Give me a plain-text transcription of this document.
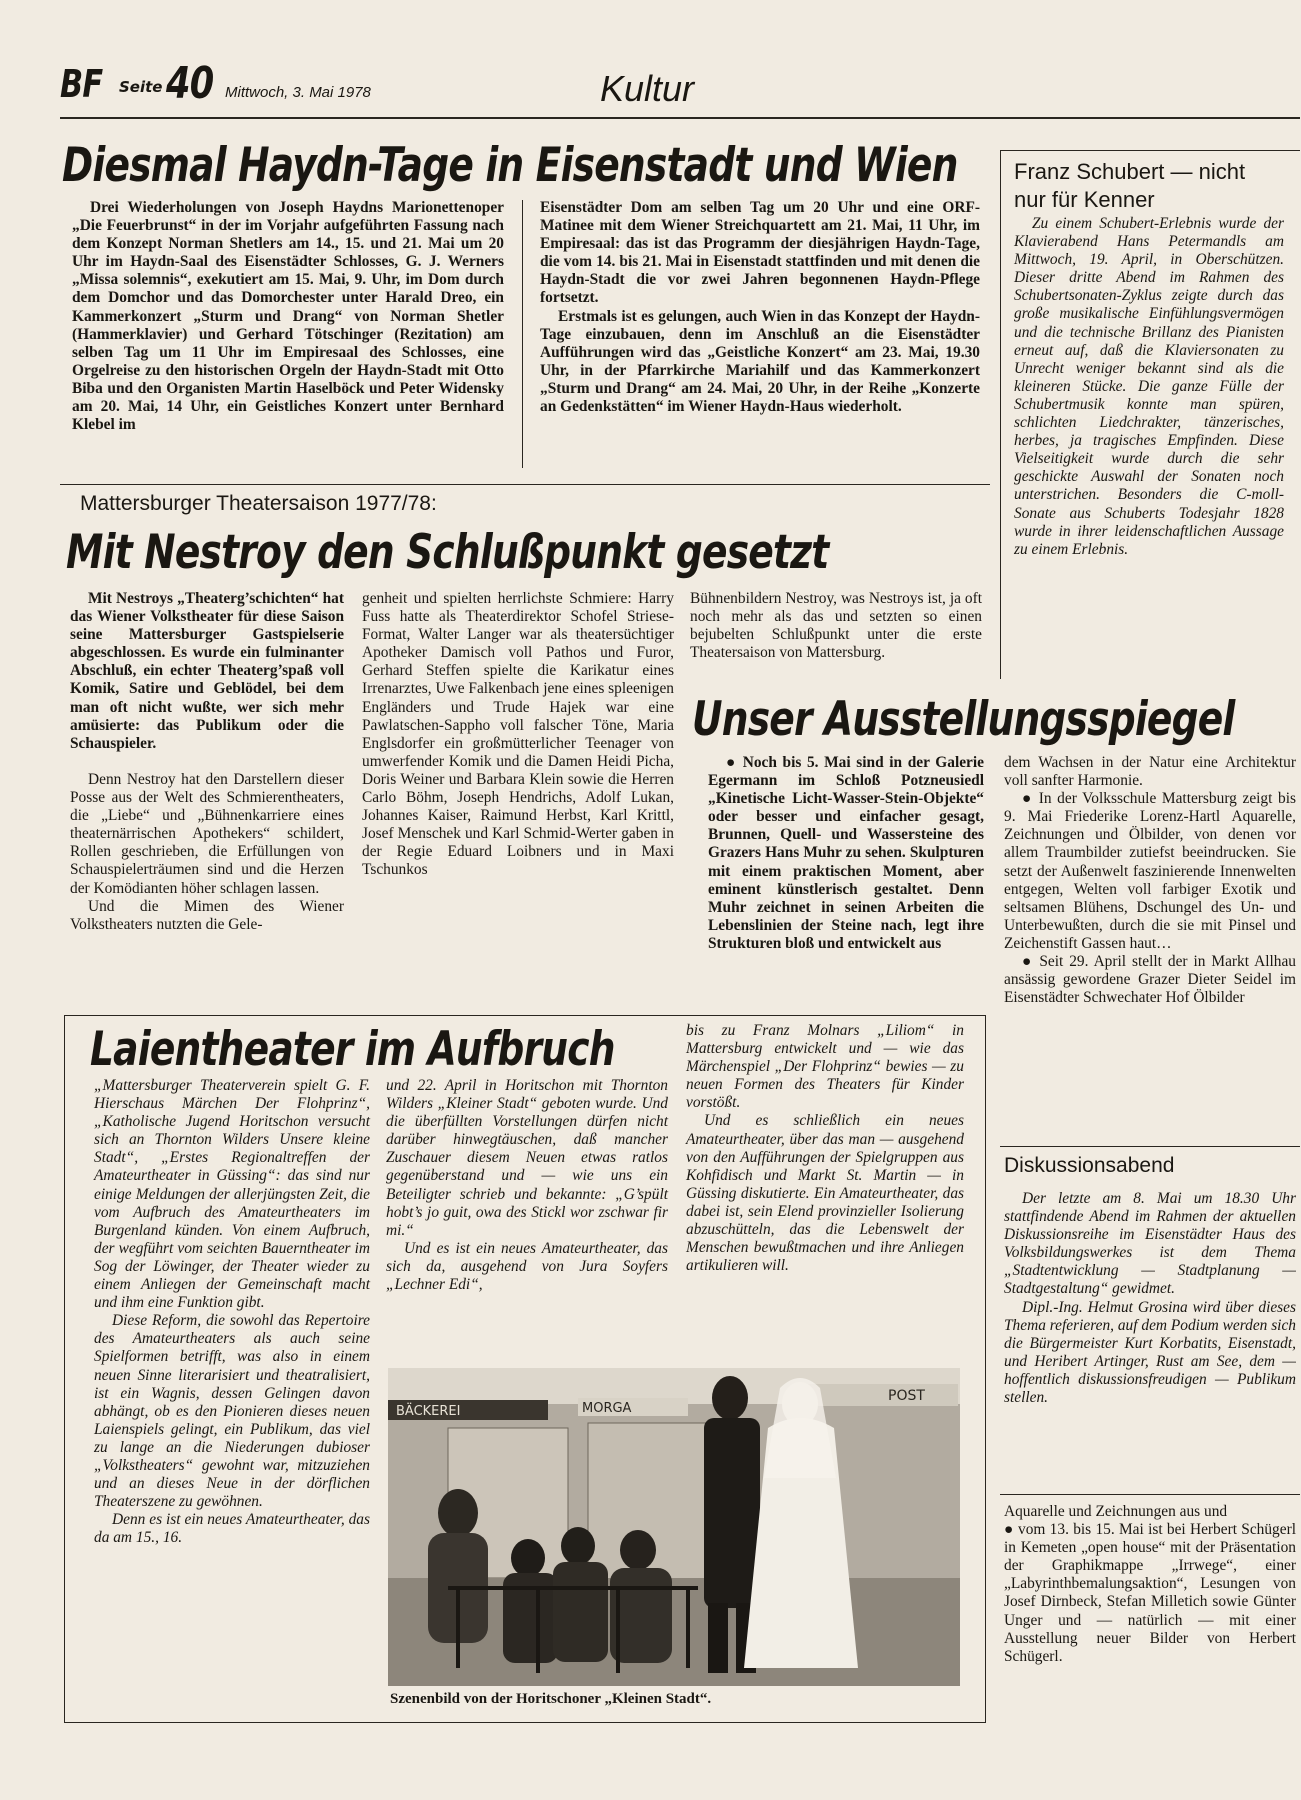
BF Seite 40 Mittwoch, 3. Mai 1978	Kultur
Diesmal Haydn-Tage in Eisenstadt und Wien

Drei Wiederholungen von Joseph Haydns Marionettenoper „Die Feuerbrunst“ in der im Vorjahr aufgeführten Fassung nach dem Konzept Norman Shetlers am 14., 15. und 21. Mai um 20 Uhr im Haydn-Saal des Eisenstädter Schlosses, G. J. Werners „Missa solemnis“, exekutiert am 15. Mai, 9. Uhr, im Dom durch dem Domchor und das Domorchester unter Harald Dreo, ein Kammerkonzert „Sturm und Drang“ von Norman Shetler (Hammerklavier) und Gerhard Tötschinger (Rezitation) am selben Tag um 11 Uhr im Empiresaal des Schlosses, eine Orgelreise zu den historischen Orgeln der Haydn-Stadt mit Otto Biba und den Organisten Martin Haselböck und Peter Widensky am 20. Mai, 14 Uhr, ein Geistliches Konzert unter Bernhard Klebel im

Eisenstädter Dom am selben Tag um 20 Uhr und eine ORF-Matinee mit dem Wiener Streichquartett am 21. Mai, 11 Uhr, im Empiresaal: das ist das Programm der diesjährigen Haydn-Tage, die vom 14. bis 21. Mai in Eisenstadt stattfinden und mit denen die Haydn-Stadt die vor zwei Jahren begonnenen Haydn-Pflege fortsetzt.

Erstmals ist es gelungen, auch Wien in das Konzept der Haydn-Tage einzubauen, denn im Anschluß an die Eisenstädter Aufführungen wird das „Geistliche Konzert“ am 23. Mai, 19.30 Uhr, in der Pfarrkirche Mariahilf und das Kammerkonzert „Sturm und Drang“ am 24. Mai, 20 Uhr, in der Reihe „Konzerte an Gedenkstätten“ im Wiener Haydn-Haus wiederholt.

Franz Schubert — nicht nur für Kenner

Zu einem Schubert-Erlebnis wurde der Klavierabend Hans Petermandls am Mittwoch, 19. April, in Oberschützen. Dieser dritte Abend im Rahmen des Schubertsonaten-Zyklus zeigte durch das große musikalische Einfühlungsvermögen und die technische Brillanz des Pianisten erneut auf, daß die Klaviersonaten zu Unrecht weniger bekannt sind als die kleineren Stücke. Die ganze Fülle der Schubertmusik konnte man spüren, schlichten Liedchrakter, tänzerisches, herbes, ja tragisches Empfinden. Diese Vielseitigkeit wurde durch die sehr geschickte Auswahl der Sonaten noch unterstrichen. Besonders die C-moll-Sonate aus Schuberts Todesjahr 1828 wurde in ihrer leidenschaftlichen Aussage zu einem Erlebnis.

Mattersburger Theatersaison 1977/78:
Mit Nestroy den Schlußpunkt gesetzt

Mit Nestroys „Theaterg’schichten“ hat das Wiener Volkstheater für diese Saison seine Mattersburger Gastspielserie abgeschlossen. Es wurde ein fulminanter Abschluß, ein echter Theaterg’spaß voll Komik, Satire und Geblödel, bei dem man oft nicht wußte, wer sich mehr amüsierte: das Publikum oder die Schauspieler.

Denn Nestroy hat den Darstellern dieser Posse aus der Welt des Schmierentheaters, die „Liebe“ und „Bühnenkarriere eines theaternärrischen Apothekers“ schildert, Rollen geschrieben, die Erfüllungen von Schauspielerträumen sind und die Herzen der Komödianten höher schlagen lassen.

Und die Mimen des Wiener Volkstheaters nutzten die Gele-

genheit und spielten herrlichste Schmiere: Harry Fuss hatte als Theaterdirektor Schofel Striese-Format, Walter Langer war als theatersüchtiger Apotheker Damisch voll Pathos und Furor, Gerhard Steffen spielte die Karikatur eines Irrenarztes, Uwe Falkenbach jene eines spleenigen Engländers und Trude Hajek war eine Pawlatschen-Sappho voll falscher Töne, Maria Englsdorfer ein großmütterlicher Teenager von umwerfender Komik und die Damen Heidi Picha, Doris Weiner und Barbara Klein sowie die Herren Carlo Böhm, Joseph Hendrichs, Adolf Lukan, Johannes Kaiser, Raimund Herbst, Karl Krittl, Josef Menschek und Karl Schmid-Werter gaben in der Regie Eduard Loibners und in Maxi Tschunkos

Bühnenbildern Nestroy, was Nestroys ist, ja oft noch mehr als das und setzten so einen bejubelten Schlußpunkt unter die erste Theatersaison von Mattersburg.

Unser Ausstellungsspiegel

● Noch bis 5. Mai sind in der Galerie Egermann im Schloß Potzneusiedl „Kinetische Licht-Wasser-Stein-Objekte“ oder besser und einfacher gesagt, Brunnen, Quell- und Wassersteine des Grazers Hans Muhr zu sehen. Skulpturen mit einem praktischen Moment, aber eminent künstlerisch gestaltet. Denn Muhr zeichnet in seinen Arbeiten die Lebenslinien der Steine nach, legt ihre Strukturen bloß und entwickelt aus

dem Wachsen in der Natur eine Architektur voll sanfter Harmonie.

● In der Volksschule Mattersburg zeigt bis 9. Mai Friederike Lorenz-Hartl Aquarelle, Zeichnungen und Ölbilder, von denen vor allem Traumbilder zutiefst beeindrucken. Sie setzt der Außenwelt faszinierende Innenwelten entgegen, Welten voll farbiger Exotik und seltsamen Blühens, Dschungel des Un- und Unterbewußten, durch die sie mit Pinsel und Zeichenstift Gassen haut…

● Seit 29. April stellt der in Markt Allhau ansässig gewordene Grazer Dieter Seidel im Eisenstädter Schwechater Hof Ölbilder

Diskussionsabend

Der letzte am 8. Mai um 18.30 Uhr stattfindende Abend im Rahmen der aktuellen Diskussionsreihe im Eisenstädter Haus des Volksbildungswerkes ist dem Thema „Stadtentwicklung — Stadtplanung — Stadtgestaltung“ gewidmet.

Dipl.-Ing. Helmut Grosina wird über dieses Thema referieren, auf dem Podium werden sich die Bürgermeister Kurt Korbatits, Eisenstadt, und Heribert Artinger, Rust am See, dem — hoffentlich diskussionsfreudigen — Publikum stellen.

Aquarelle und Zeichnungen aus und

● vom 13. bis 15. Mai ist bei Herbert Schügerl in Kemeten „open house“ mit der Präsentation der Graphikmappe „Irrwege“, einer „Labyrinthbemalungsaktion“, Lesungen von Josef Dirnbeck, Stefan Milletich sowie Günter Unger und — natürlich — mit einer Ausstellung neuer Bilder von Herbert Schügerl.

Laientheater im Aufbruch

„Mattersburger Theaterverein spielt G. F. Hierschaus Märchen Der Flohprinz“, „Katholische Jugend Horitschon versucht sich an Thornton Wilders Unsere kleine Stadt“, „Erstes Regionaltreffen der Amateurtheater in Güssing“: das sind nur einige Meldungen der allerjüngsten Zeit, die vom Aufbruch des Amateurtheaters im Burgenland künden. Von einem Aufbruch, der wegführt vom seichten Bauerntheater im Sog der Löwinger, der Theater wieder zu einem Anliegen der Gemeinschaft macht und ihm eine Funktion gibt.

Diese Reform, die sowohl das Repertoire des Amateurtheaters als auch seine Spielformen betrifft, was also in einem neuen Sinne literarisiert und theatralisiert, ist ein Wagnis, dessen Gelingen davon abhängt, ob es den Pionieren dieses neuen Laienspiels gelingt, ein Publikum, das viel zu lange an die Niederungen dubioser „Volkstheaters“ gewohnt war, mitzuziehen und an dieses Neue in der dörflichen Theaterszene zu gewöhnen.

Denn es ist ein neues Amateurtheater, das da am 15., 16.

und 22. April in Horitschon mit Thornton Wilders „Kleiner Stadt“ geboten wurde. Und die überfüllten Vorstellungen dürfen nicht darüber hinwegtäuschen, daß mancher Zuschauer diesem Neuen etwas ratlos gegenüberstand und — wie uns ein Beteiligter schrieb und bekannte: „G’spült hobt’s jo guit, owa des Stickl wor zschwar fir mi.“

Und es ist ein neues Amateurtheater, das sich da, ausgehend von Jura Soyfers „Lechner Edi“,

bis zu Franz Molnars „Liliom“ in Mattersburg entwickelt und — wie das Märchenspiel „Der Flohprinz“ bewies — zu neuen Formen des Theaters für Kinder vorstößt.

Und es schließlich ein neues Amateurtheater, über das man — ausgehend von den Aufführungen der Spielgruppen aus Kohfidisch und Markt St. Martin — in Güssing diskutierte. Ein Amateurtheater, das dabei ist, sein Elend provinzieller Isolierung abzuschütteln, das die Lebenswelt der Menschen bewußtmachen und ihre Anliegen artikulieren will.

BÄCKEREI	MORGA
POST
Szenenbild von der Horitschoner „Kleinen Stadt“.
